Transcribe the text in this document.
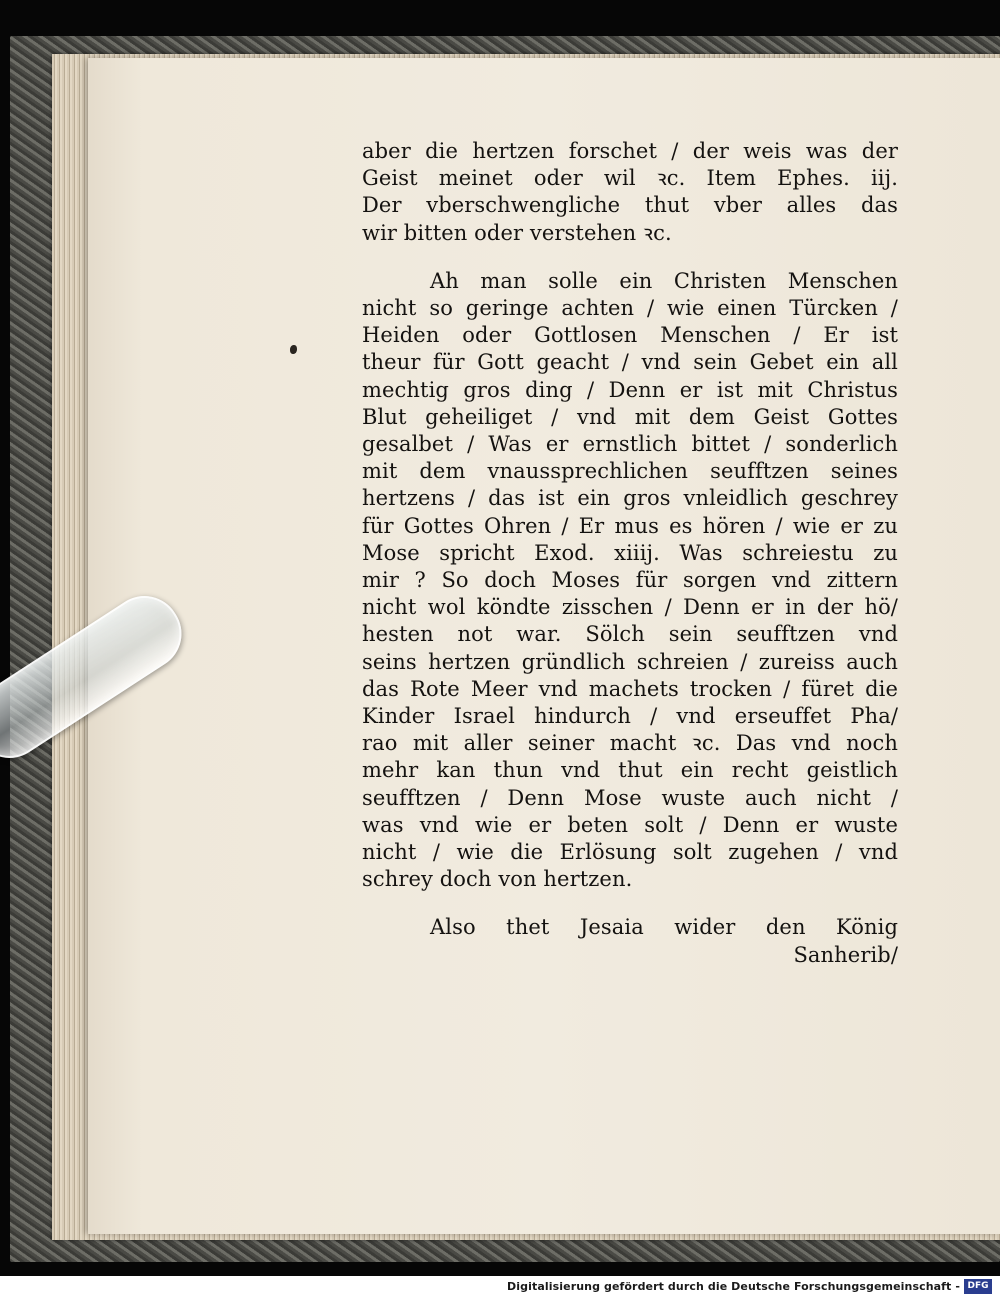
aber die hertzen forschet / der weis was der
Geist meinet oder wil ꝛc. Item Ephes. iij.
Der vberschwengliche thut vber alles das
wir bitten oder verstehen ꝛc.
Ah man solle ein Christen Menschen
nicht so geringe achten / wie einen Türcken /
Heiden oder Gottlosen Menschen / Er ist
theur für Gott geacht / vnd sein Gebet ein all
mechtig gros ding / Denn er ist mit Christus
Blut geheiliget / vnd mit dem Geist Gottes
gesalbet / Was er ernstlich bittet / sonderlich
mit dem vnaussprechlichen seufftzen seines
hertzens / das ist ein gros vnleidlich geschrey
für Gottes Ohren / Er mus es hören / wie er zu
Mose spricht Exod. xiiij. Was schreiestu zu
mir ? So doch Moses für sorgen vnd zittern
nicht wol köndte zisschen / Denn er in der hö/
hesten not war. Sölch sein seufftzen vnd
seins hertzen gründlich schreien / zureiss auch
das Rote Meer vnd machets trocken / füret die
Kinder Israel hindurch / vnd erseuffet Pha/
rao mit aller seiner macht ꝛc. Das vnd noch
mehr kan thun vnd thut ein recht geistlich
seufftzen / Denn Mose wuste auch nicht /
was vnd wie er beten solt / Denn er wuste
nicht / wie die Erlösung solt zugehen / vnd
schrey doch von hertzen.
Also thet Jesaia wider den König
Sanherib/
Digitalisierung gefördert durch die Deutsche Forschungsgemeinschaft - DFG
